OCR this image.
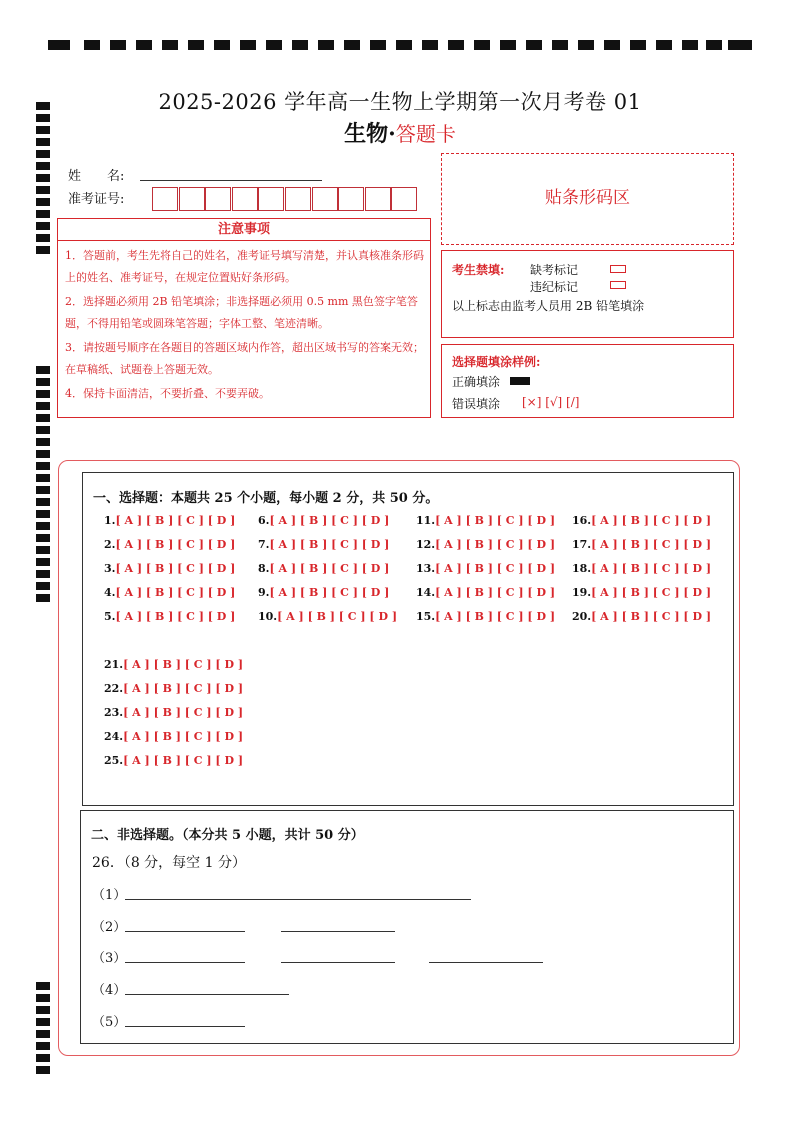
2025-2026 学年高一生物上学期第一次月考卷 01
生物·答题卡
姓　　名:
准考证号:
注意事项
1．答题前，考生先将自己的姓名，准考证号填写清楚，并认真核准条形码上的姓名、准考证号，在规定位置贴好条形码。
2．选择题必须用 2B 铅笔填涂；非选择题必须用 0.5 mm 黑色签字笔答题，不得用铅笔或圆珠笔答题；字体工整、笔迹清晰。
3．请按题号顺序在各题目的答题区域内作答，超出区域书写的答案无效；在草稿纸、试题卷上答题无效。
4．保持卡面清洁，不要折叠、不要弄破。
贴条形码区
考生禁填: 缺考标记
违纪标记
以上标志由监考人员用 2B 铅笔填涂
选择题填涂样例:
正确填涂
错误填涂 [×] [√] [/]
一、选择题：本题共 25 个小题，每小题 2 分，共 50 分。
1.[ A ] [ B ] [ C ] [ D ]
2.[ A ] [ B ] [ C ] [ D ]
3.[ A ] [ B ] [ C ] [ D ]
4.[ A ] [ B ] [ C ] [ D ]
5.[ A ] [ B ] [ C ] [ D ]
6.[ A ] [ B ] [ C ] [ D ]
7.[ A ] [ B ] [ C ] [ D ]
8.[ A ] [ B ] [ C ] [ D ]
9.[ A ] [ B ] [ C ] [ D ]
10.[ A ] [ B ] [ C ] [ D ]
11.[ A ] [ B ] [ C ] [ D ]
12.[ A ] [ B ] [ C ] [ D ]
13.[ A ] [ B ] [ C ] [ D ]
14.[ A ] [ B ] [ C ] [ D ]
15.[ A ] [ B ] [ C ] [ D ]
16.[ A ] [ B ] [ C ] [ D ]
17.[ A ] [ B ] [ C ] [ D ]
18.[ A ] [ B ] [ C ] [ D ]
19.[ A ] [ B ] [ C ] [ D ]
20.[ A ] [ B ] [ C ] [ D ]
21.[ A ] [ B ] [ C ] [ D ]
22.[ A ] [ B ] [ C ] [ D ]
23.[ A ] [ B ] [ C ] [ D ]
24.[ A ] [ B ] [ C ] [ D ]
25.[ A ] [ B ] [ C ] [ D ]
二、非选择题。（本分共 5 小题，共计 50 分）
26．（8 分，每空 1 分）
（1）
（2）
（3）
（4）
（5）
